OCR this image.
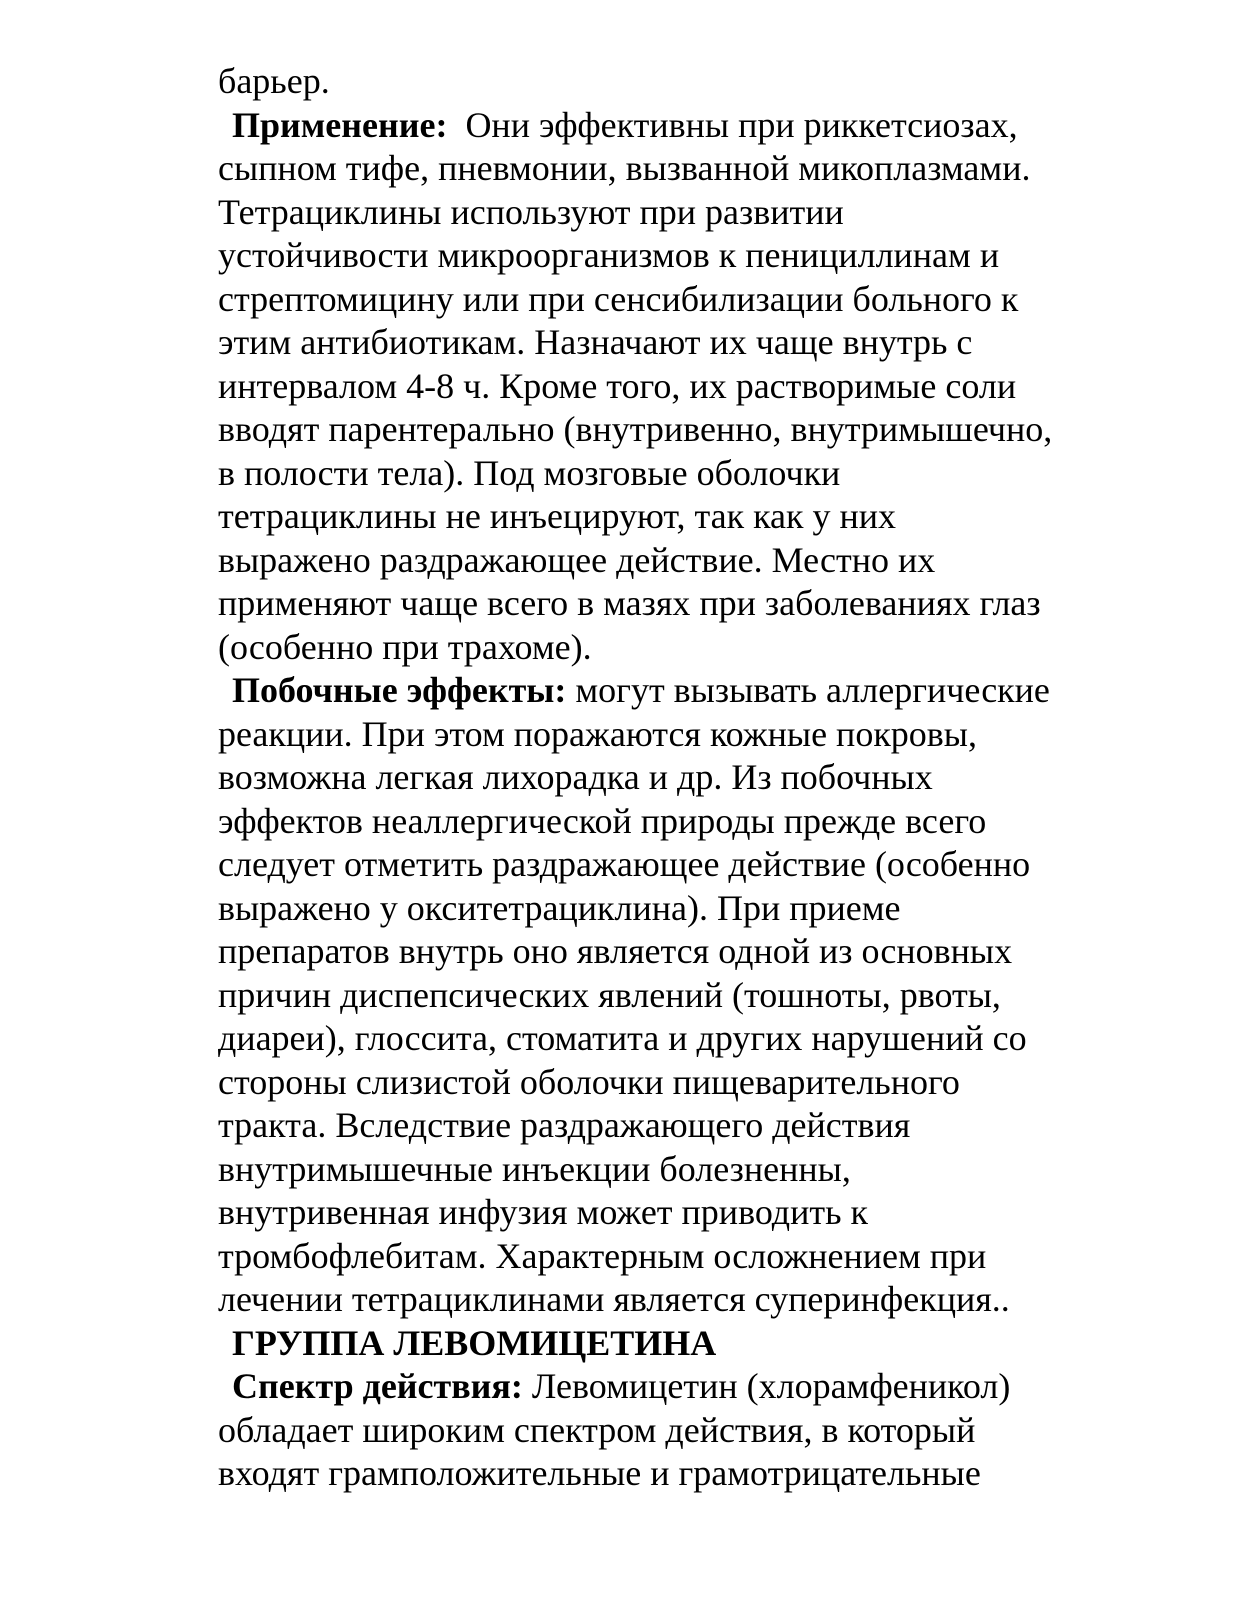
барьер.
Применение:  Они эффективны при риккетсиозах,
сыпном тифе, пневмонии, вызванной микоплазмами.
Тетрациклины используют при развитии
устойчивости микроорганизмов к пенициллинам и
стрептомицину или при сенсибилизации больного к
этим антибиотикам. Назначают их чаще внутрь с
интервалом 4-8 ч. Кроме того, их растворимые соли
вводят парентерально (внутривенно, внутримышечно,
в полости тела). Под мозговые оболочки
тетрациклины не инъецируют, так как у них
выражено раздражающее действие. Местно их
применяют чаще всего в мазях при заболеваниях глаз
(особенно при трахоме).
Побочные эффекты: могут вызывать аллергические
реакции. При этом поражаются кожные покровы,
возможна легкая лихорадка и др. Из побочных
эффектов неаллергической природы прежде всего
следует отметить раздражающее действие (особенно
выражено у окситетрациклина). При приеме
препаратов внутрь оно является одной из основных
причин диспепсических явлений (тошноты, рвоты,
диареи), глоссита, стоматита и других нарушений со
стороны слизистой оболочки пищеварительного
тракта. Вследствие раздражающего действия
внутримышечные инъекции болезненны,
внутривенная инфузия может приводить к
тромбофлебитам. Характерным осложнением при
лечении тетрациклинами является суперинфекция..
ГРУППА ЛЕВОМИЦЕТИНА
Спектр действия: Левомицетин (хлорамфеникол)
обладает широким спектром действия, в который
входят грамположительные и грамотрицательные
